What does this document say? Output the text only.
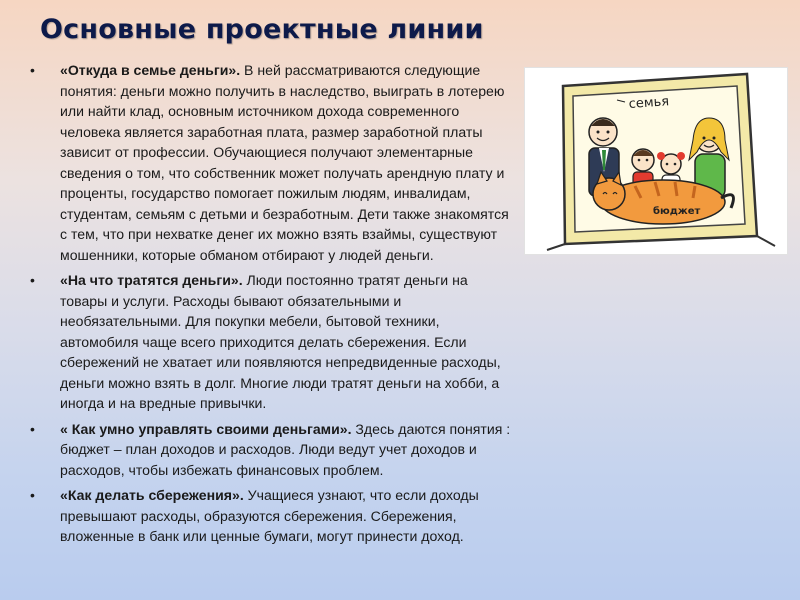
Основные проектные линии
• «Откуда в семье деньги». В ней рассматриваются следующие понятия: деньги можно получить в наследство, выиграть в лотерею или найти клад, основным источником дохода современного человека является заработная плата, размер заработной платы зависит от профессии. Обучающиеся получают элементарные сведения о том, что собственник может получать арендную плату и проценты, государство помогает пожилым людям, инвалидам, студентам, семьям с детьми и безработным. Дети также знакомятся с тем, что при нехватке денег их можно взять взаймы, существуют мошенники, которые обманом отбирают у людей деньги.
• «На что тратятся деньги». Люди постоянно тратят деньги на товары и услуги. Расходы бывают обязательными и необязательными. Для покупки мебели, бытовой техники, автомобиля чаще всего приходится делать сбережения. Если сбережений не хватает или появляются непредвиденные расходы, деньги можно взять в долг. Многие люди тратят деньги на хобби, а иногда и на вредные привычки.
• « Как умно управлять своими деньгами». Здесь даются понятия : бюджет – план доходов и расходов. Люди ведут учет доходов и расходов, чтобы избежать финансовых проблем.
• «Как делать сбережения». Учащиеся узнают, что если доходы превышают расходы, образуются сбережения. Сбережения, вложенные в банк или ценные бумаги, могут принести доход.
семья
бюджет
